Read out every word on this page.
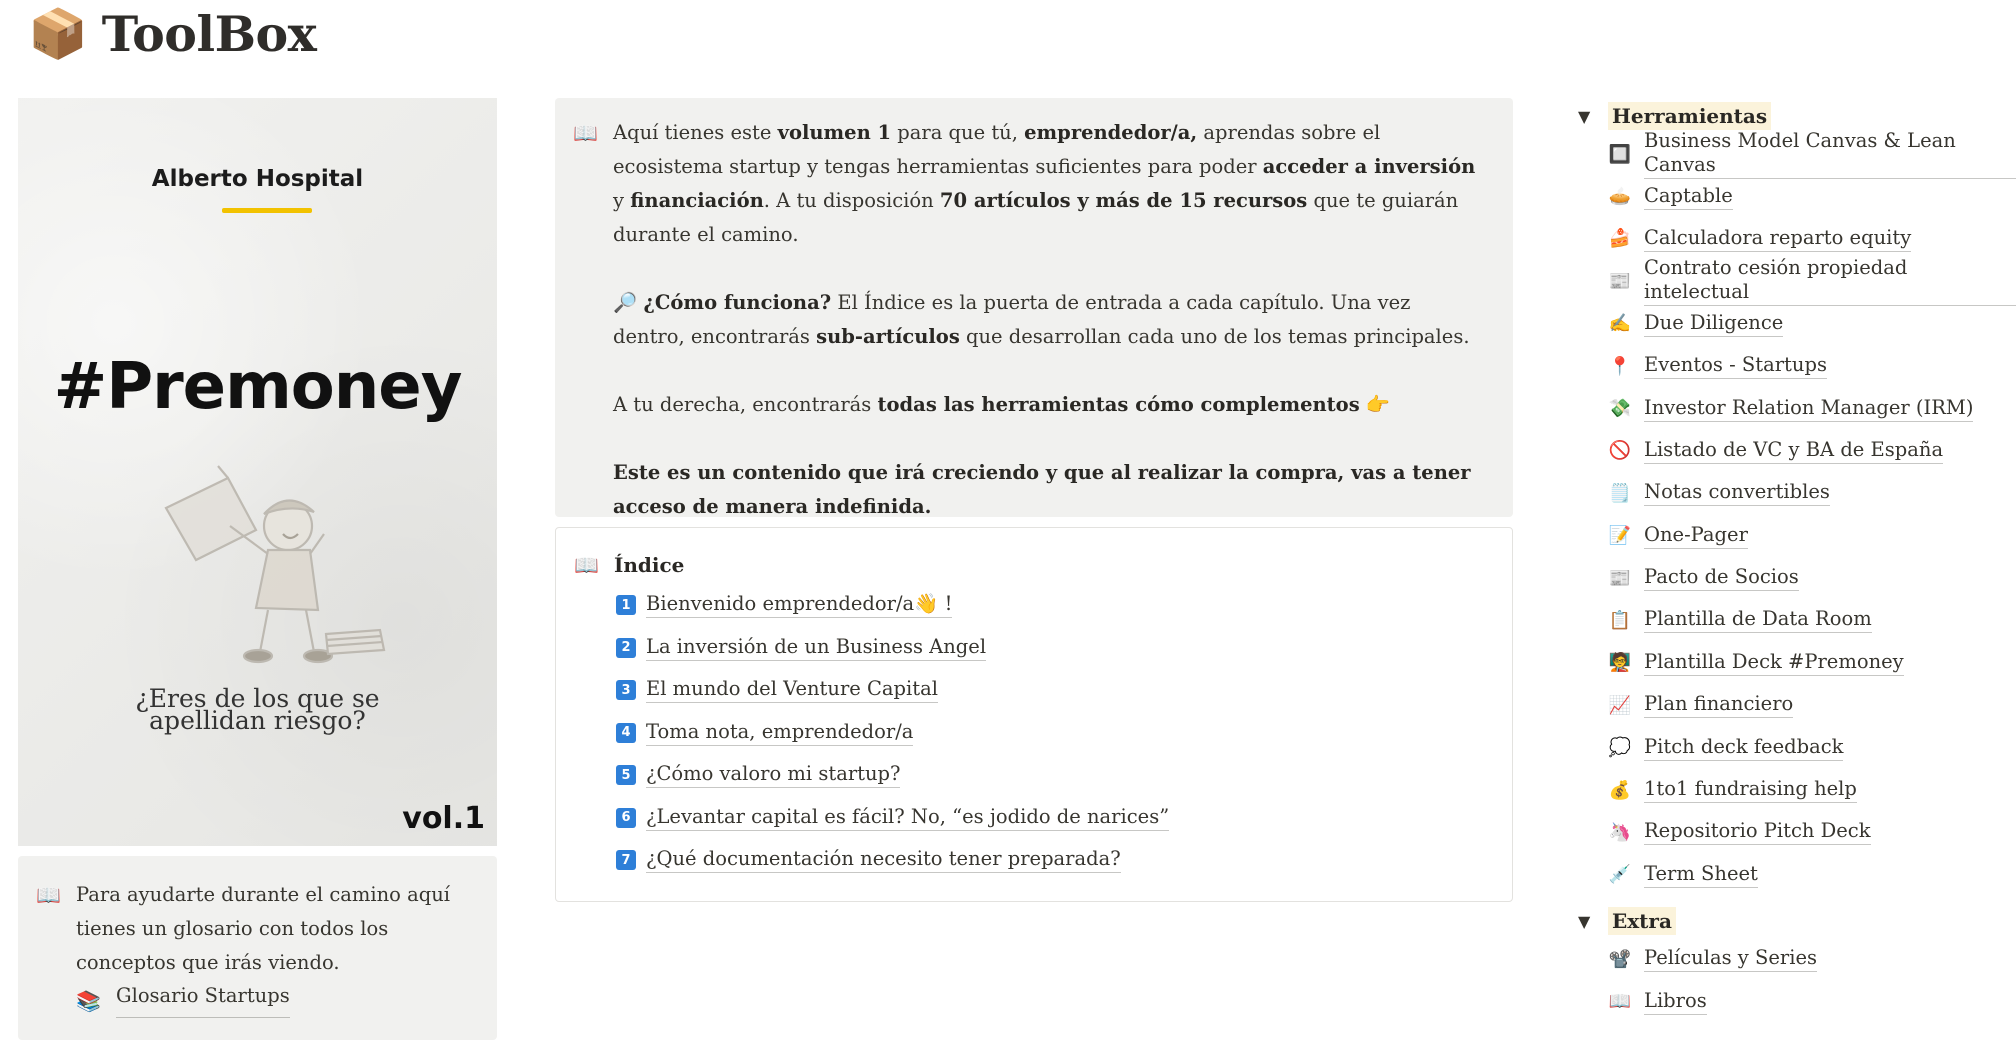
📦 ToolBox
Alberto Hospital
#Premoney
¿Eres de los que se
apellidan riesgo?
vol.1
📖 Para ayudarte durante el camino aquí tienes un glosario con todos los conceptos que irás viendo.
📚 Glosario Startups
📖 Aquí tienes este volumen 1 para que tú, emprendedor/a, aprendas sobre el ecosistema startup y tengas herramientas suficientes para poder acceder a inversión y financiación. A tu disposición 70 artículos y más de 15 recursos que te guiarán durante el camino.

🔎 ¿Cómo funciona? El Índice es la puerta de entrada a cada capítulo. Una vez dentro, encontrarás sub-artículos que desarrollan cada uno de los temas principales.

A tu derecha, encontrarás todas las herramientas cómo complementos 👉

Este es un contenido que irá creciendo y que al realizar la compra, vas a tener acceso de manera indefinida.

📖 Índice
1 Bienvenido emprendedor/a👋 !
2 La inversión de un Business Angel
3 El mundo del Venture Capital
4 Toma nota, emprendedor/a
5 ¿Cómo valoro mi startup?
6 ¿Levantar capital es fácil? No, “es jodido de narices”
7 ¿Qué documentación necesito tener preparada?
▼ Herramientas
🔲
Business Model Canvas & Lean Canvas
🥧 Captable
🍰 Calculadora reparto equity
📰
Contrato cesión propiedad intelectual
✍️ Due Diligence
📍 Eventos - Startups
💸 Investor Relation Manager (IRM)
🚫 Listado de VC y BA de España
🗒️ Notas convertibles
📝 One-Pager
📰 Pacto de Socios
📋 Plantilla de Data Room
🧑‍🏫 Plantilla Deck #Premoney
📈 Plan financiero
💭 Pitch deck feedback
💰 1to1 fundraising help
🦄 Repositorio Pitch Deck
💉 Term Sheet
▼ Extra
📽️ Películas y Series
📖 Libros
